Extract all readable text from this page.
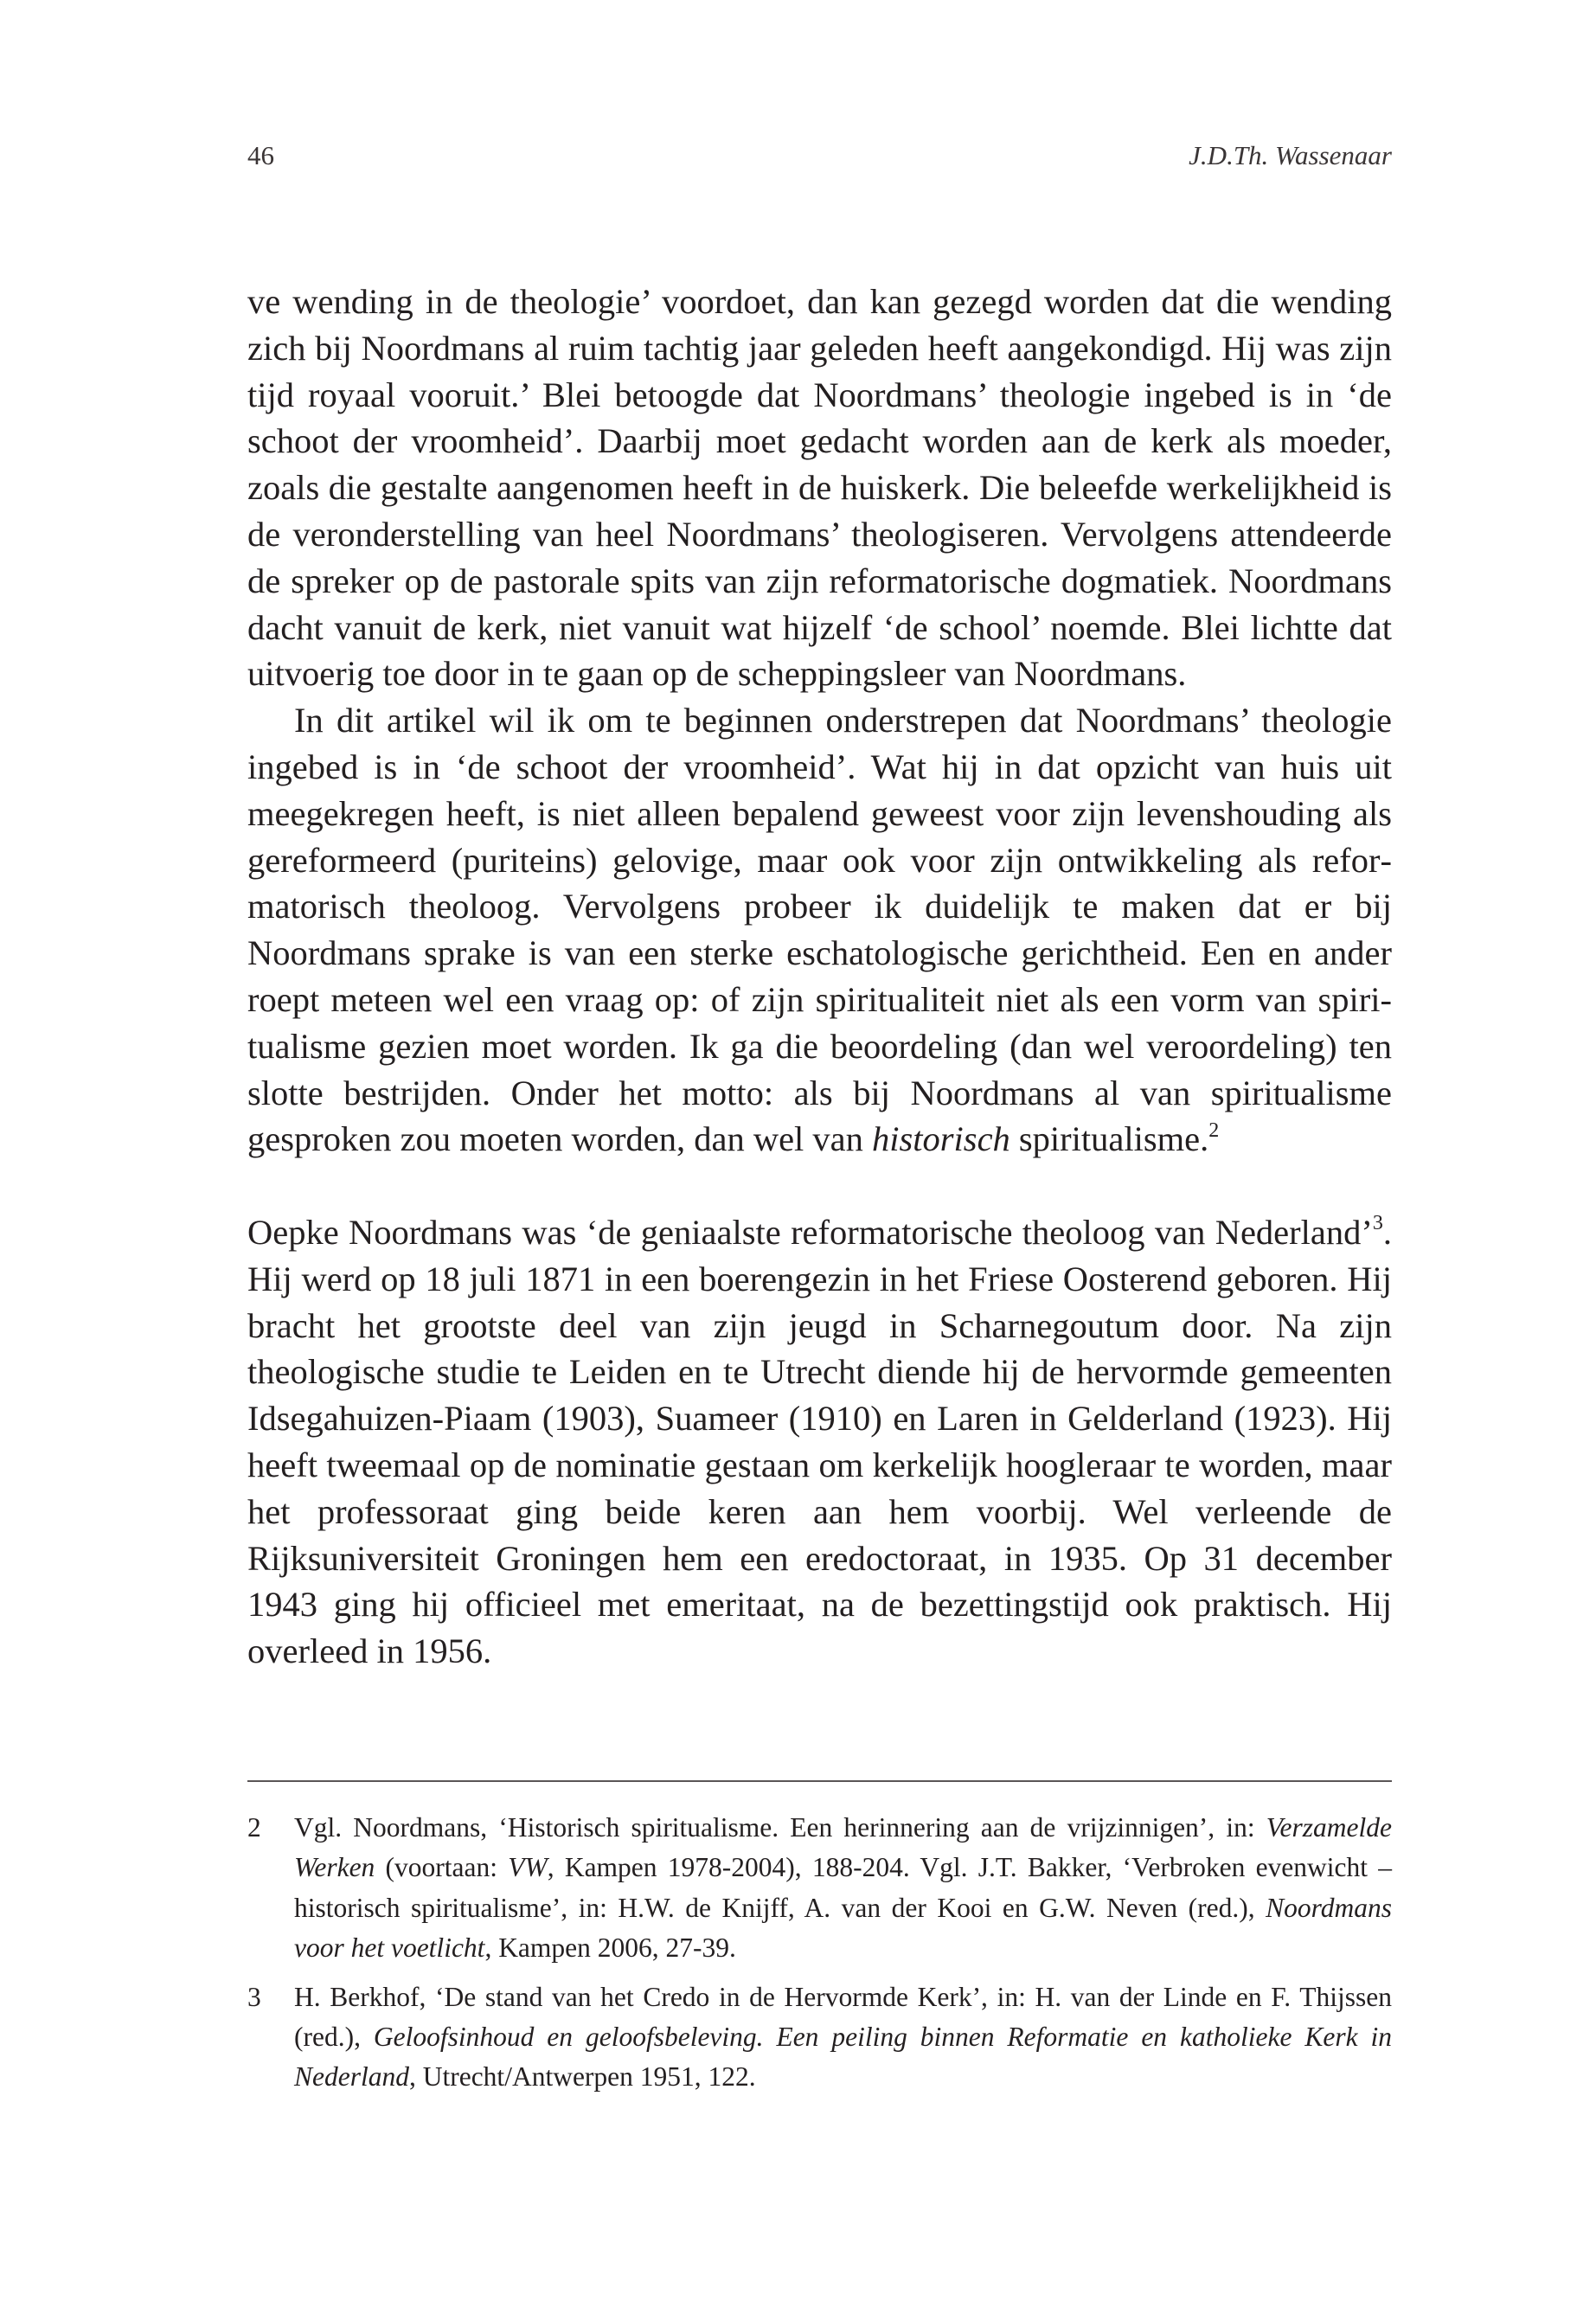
46	J.D.Th. Wassenaar

ve wending in de theologie’ voordoet, dan kan gezegd worden dat die wending zich bij Noordmans al ruim tachtig jaar geleden heeft aangekondigd. Hij was zijn tijd royaal vooruit.’ Blei betoogde dat Noordmans’ theologie ingebed is in ‘de schoot der vroomheid’. Daarbij moet gedacht worden aan de kerk als moeder, zoals die gestalte aangenomen heeft in de huiskerk. Die beleefde werkelijkheid is de veronderstelling van heel Noordmans’ theologiseren. Vervolgens attendeerde de spreker op de pastorale spits van zijn reformatorische dogmatiek. Noordmans dacht vanuit de kerk, niet vanuit wat hijzelf ‘de school’ noemde. Blei lichtte dat uitvoerig toe door in te gaan op de scheppingsleer van Noordmans.

In dit artikel wil ik om te beginnen onderstrepen dat Noordmans’ theologie ingebed is in ‘de schoot der vroomheid’. Wat hij in dat opzicht van huis uit meegekregen heeft, is niet alleen bepalend geweest voor zijn levenshouding als gereformeerd (puriteins) gelovige, maar ook voor zijn ontwikkeling als reformatorisch theoloog. Vervolgens probeer ik duidelijk te maken dat er bij Noordmans sprake is van een sterke eschatologische gerichtheid. Een en ander roept meteen wel een vraag op: of zijn spiritualiteit niet als een vorm van spiritualisme gezien moet worden. Ik ga die beoordeling (dan wel veroordeling) ten slotte bestrijden. Onder het motto: als bij Noordmans al van spiritualisme gesproken zou moeten worden, dan wel van historisch spiritualisme.$^2$

Oepke Noordmans was ‘de geniaalste reformatorische theoloog van Nederland’$^3$. Hij werd op 18 juli 1871 in een boerengezin in het Friese Oosterend geboren. Hij bracht het grootste deel van zijn jeugd in Scharnegoutum door. Na zijn theologische studie te Leiden en te Utrecht diende hij de hervormde gemeenten Idsegahuizen-Piaam (1903), Suameer (1910) en Laren in Gelderland (1923). Hij heeft tweemaal op de nominatie gestaan om kerkelijk hoogleraar te worden, maar het professoraat ging beide keren aan hem voorbij. Wel verleende de Rijksuniversiteit Groningen hem een eredoctoraat, in 1935. Op 31 december 1943 ging hij officieel met emeritaat, na de bezettingstijd ook praktisch. Hij overleed in 1956.

2 Vgl. Noordmans, ‘Historisch spiritualisme. Een herinnering aan de vrijzinnigen’, in: Verzamelde Werken (voortaan: VW, Kampen 1978-2004), 188-204. Vgl. J.T. Bakker, ‘Verbroken evenwicht – historisch spiritualisme’, in: H.W. de Knijff, A. van der Kooi en G.W. Neven (red.), Noordmans voor het voetlicht, Kampen 2006, 27-39.
3 H. Berkhof, ‘De stand van het Credo in de Hervormde Kerk’, in: H. van der Linde en F. Thijssen (red.), Geloofsinhoud en geloofsbeleving. Een peiling binnen Reformatie en katholieke Kerk in Nederland, Utrecht/Antwerpen 1951, 122.
